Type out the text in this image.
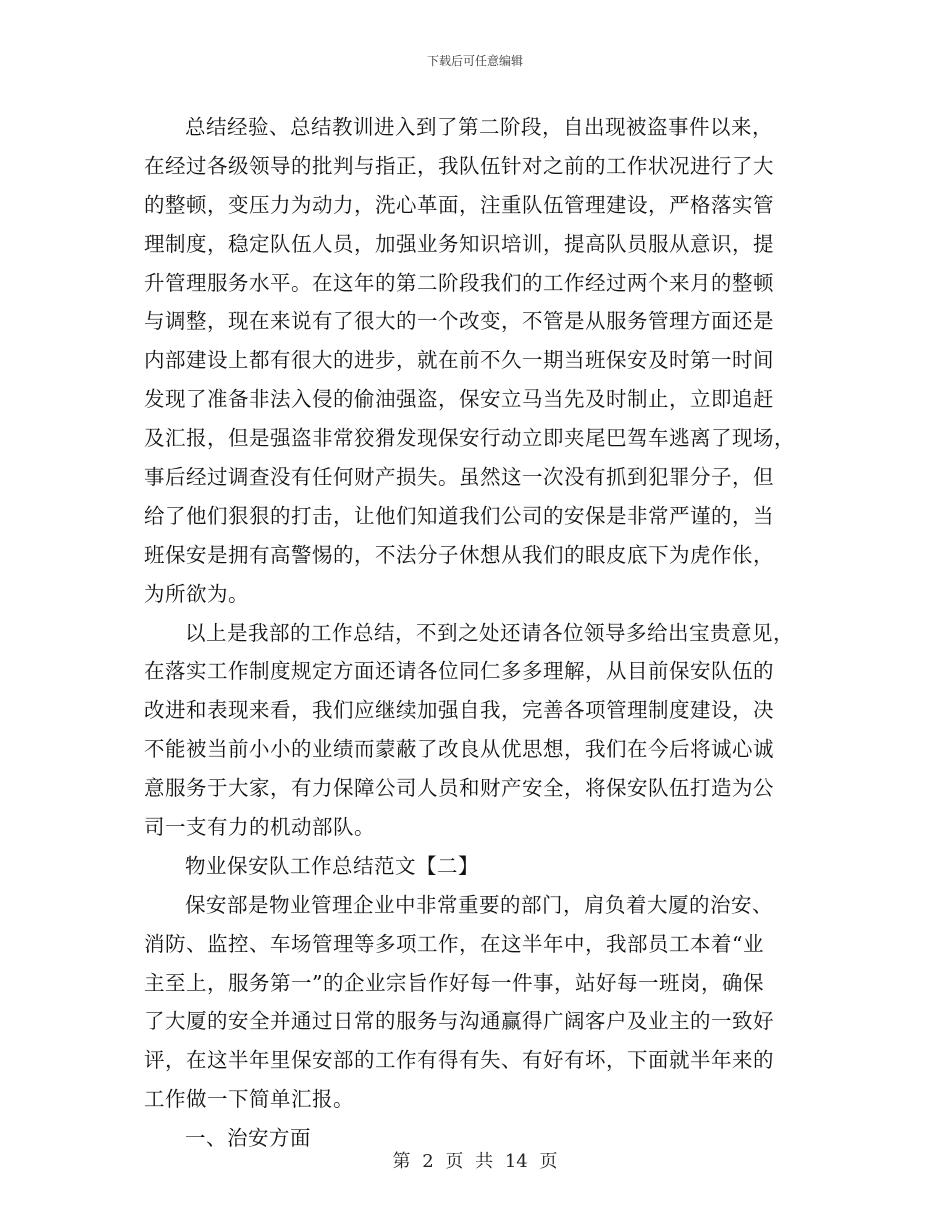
下载后可任意编辑
总结经验、总结教训进入到了第二阶段，自出现被盗事件以来，
在经过各级领导的批判与指正，我队伍针对之前的工作状况进行了大
的整顿，变压力为动力，洗心革面，注重队伍管理建设，严格落实管
理制度，稳定队伍人员，加强业务知识培训，提高队员服从意识，提
升管理服务水平。在这年的第二阶段我们的工作经过两个来月的整顿
与调整，现在来说有了很大的一个改变，不管是从服务管理方面还是
内部建设上都有很大的进步，就在前不久一期当班保安及时第一时间
发现了准备非法入侵的偷油强盗，保安立马当先及时制止，立即追赶
及汇报，但是强盗非常狡猾发现保安行动立即夹尾巴驾车逃离了现场，
事后经过调查没有任何财产损失。虽然这一次没有抓到犯罪分子，但
给了他们狠狠的打击，让他们知道我们公司的安保是非常严谨的，当
班保安是拥有高警惕的，不法分子休想从我们的眼皮底下为虎作伥，
为所欲为。
以上是我部的工作总结，不到之处还请各位领导多给出宝贵意见，
在落实工作制度规定方面还请各位同仁多多理解，从目前保安队伍的
改进和表现来看，我们应继续加强自我，完善各项管理制度建设，决
不能被当前小小的业绩而蒙蔽了改良从优思想，我们在今后将诚心诚
意服务于大家，有力保障公司人员和财产安全，将保安队伍打造为公
司一支有力的机动部队。
物业保安队工作总结范文【二】
保安部是物业管理企业中非常重要的部门，肩负着大厦的治安、
消防、监控、车场管理等多项工作，在这半年中，我部员工本着“业
主至上，服务第一”的企业宗旨作好每一件事，站好每一班岗，确保
了大厦的安全并通过日常的服务与沟通赢得广阔客户及业主的一致好
评，在这半年里保安部的工作有得有失、有好有坏，下面就半年来的
工作做一下简单汇报。
一、治安方面
第 2 页 共 14 页
